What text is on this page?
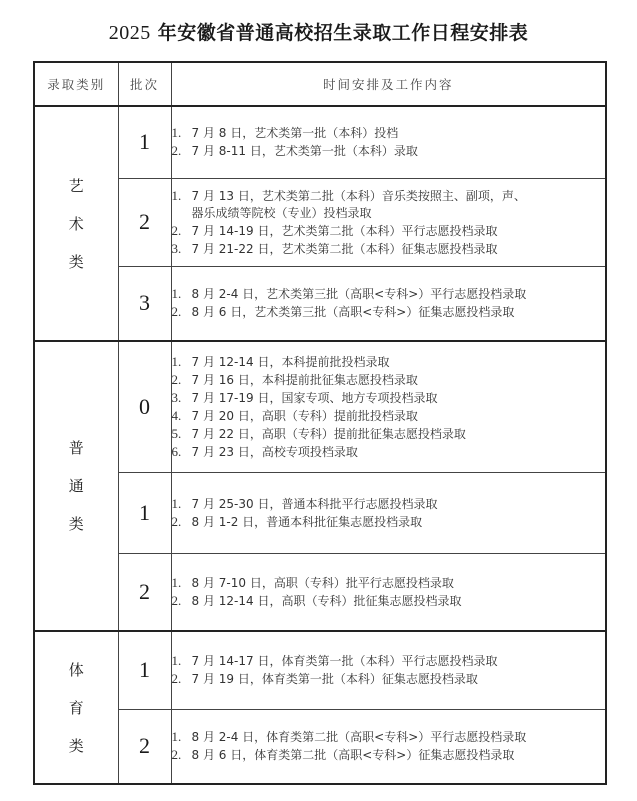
2025 年安徽省普通高校招生录取工作日程安排表
录取类别	批次	时间安排及工作内容

艺
术
类
	1	1. 7 月 8 日，艺术类第一批（本科）投档
2. 7 月 8-11 日，艺术类第一批（本科）录取

	2	1. 7 月 13 日，艺术类第二批（本科）音乐类按照主、副项，声、
器乐成绩等院校（专业）投档录取
2. 7 月 14-19 日，艺术类第二批（本科）平行志愿投档录取
3. 7 月 21-22 日，艺术类第二批（本科）征集志愿投档录取

	3	1. 8 月 2-4 日，艺术类第三批（高职<专科>）平行志愿投档录取
2. 8 月 6 日，艺术类第三批（高职<专科>）征集志愿投档录取

普
通
类
	0	
1. 7 月 12-14 日，本科提前批投档录取
2. 7 月 16 日，本科提前批征集志愿投档录取
3. 7 月 17-19 日，国家专项、地方专项投档录取
4. 7 月 20 日，高职（专科）提前批投档录取
5. 7 月 22 日，高职（专科）提前批征集志愿投档录取
6. 7 月 23 日，高校专项投档录取

	1	1. 7 月 25-30 日，普通本科批平行志愿投档录取
2. 8 月 1-2 日，普通本科批征集志愿投档录取

	2	1. 8 月 7-10 日，高职（专科）批平行志愿投档录取
2. 8 月 12-14 日，高职（专科）批征集志愿投档录取

体
育
类
	1	1. 7 月 14-17 日，体育类第一批（本科）平行志愿投档录取
2. 7 月 19 日，体育类第一批（本科）征集志愿投档录取

	2	1. 8 月 2-4 日，体育类第二批（高职<专科>）平行志愿投档录取
2. 8 月 6 日，体育类第二批（高职<专科>）征集志愿投档录取
